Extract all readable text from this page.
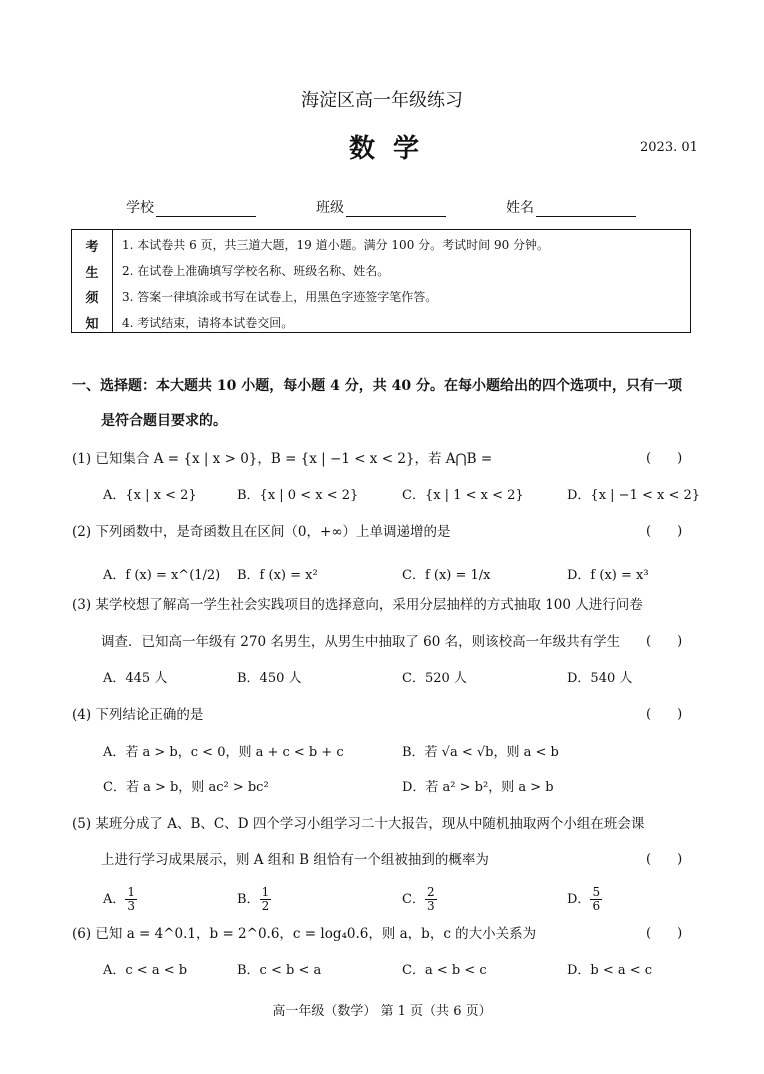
海淀区高一年级练习
数学	2023. 01
学校	班级	姓名
考
生
须
知
1. 本试卷共 6 页，共三道大题，19 道小题。满分 100 分。考试时间 90 分钟。
2. 在试卷上准确填写学校名称、班级名称、姓名。
3. 答案一律填涂或书写在试卷上，用黑色字迹签字笔作答。
4. 考试结束，请将本试卷交回。
一、选择题：本大题共 10 小题，每小题 4 分，共 40 分。在每小题给出的四个选项中，只有一项
是符合题目要求的。
(1) 已知集合 A = {x | x > 0}，B = {x | −1 < x < 2}，若 A⋂B =	(　　)
A．{x | x < 2}	B．{x | 0 < x < 2}	C．{x | 1 < x < 2}	D．{x | −1 < x < 2}
(2) 下列函数中，是奇函数且在区间（0，+∞）上单调递增的是	(　　)
A．f (x) = x^(1/2) B．f (x) = x²	C．f (x) = 1/x	D．f (x) = x³
(3) 某学校想了解高一学生社会实践项目的选择意向，采用分层抽样的方式抽取 100 人进行问卷
调查．已知高一年级有 270 名男生，从男生中抽取了 60 名，则该校高一年级共有学生 (　　)
A．445 人	B．450 人	C．520 人	D．540 人
(4) 下列结论正确的是	(　　)
A．若 a > b，c < 0，则 a + c < b + c	B．若 √a < √b，则 a < b
C．若 a > b，则 ac² > bc²	D．若 a² > b²，则 a > b
(5) 某班分成了 A、B、C、D 四个学习小组学习二十大报告，现从中随机抽取两个小组在班会课
上进行学习成果展示，则 A 组和 B 组恰有一个组被抽到的概率为	(　　)
A． $\frac{1}{3}$	B． $\frac{1}{2}$	C． $\frac{2}{3}$	D． $\frac{5}{6}$
(6) 已知 a = 4^0.1，b = 2^0.6，c = log₄0.6，则 a，b，c 的大小关系为	(　　)
A．c < a < b	B．c < b < a	C．a < b < c	D．b < a < c
高一年级（数学） 第 1 页（共 6 页）
